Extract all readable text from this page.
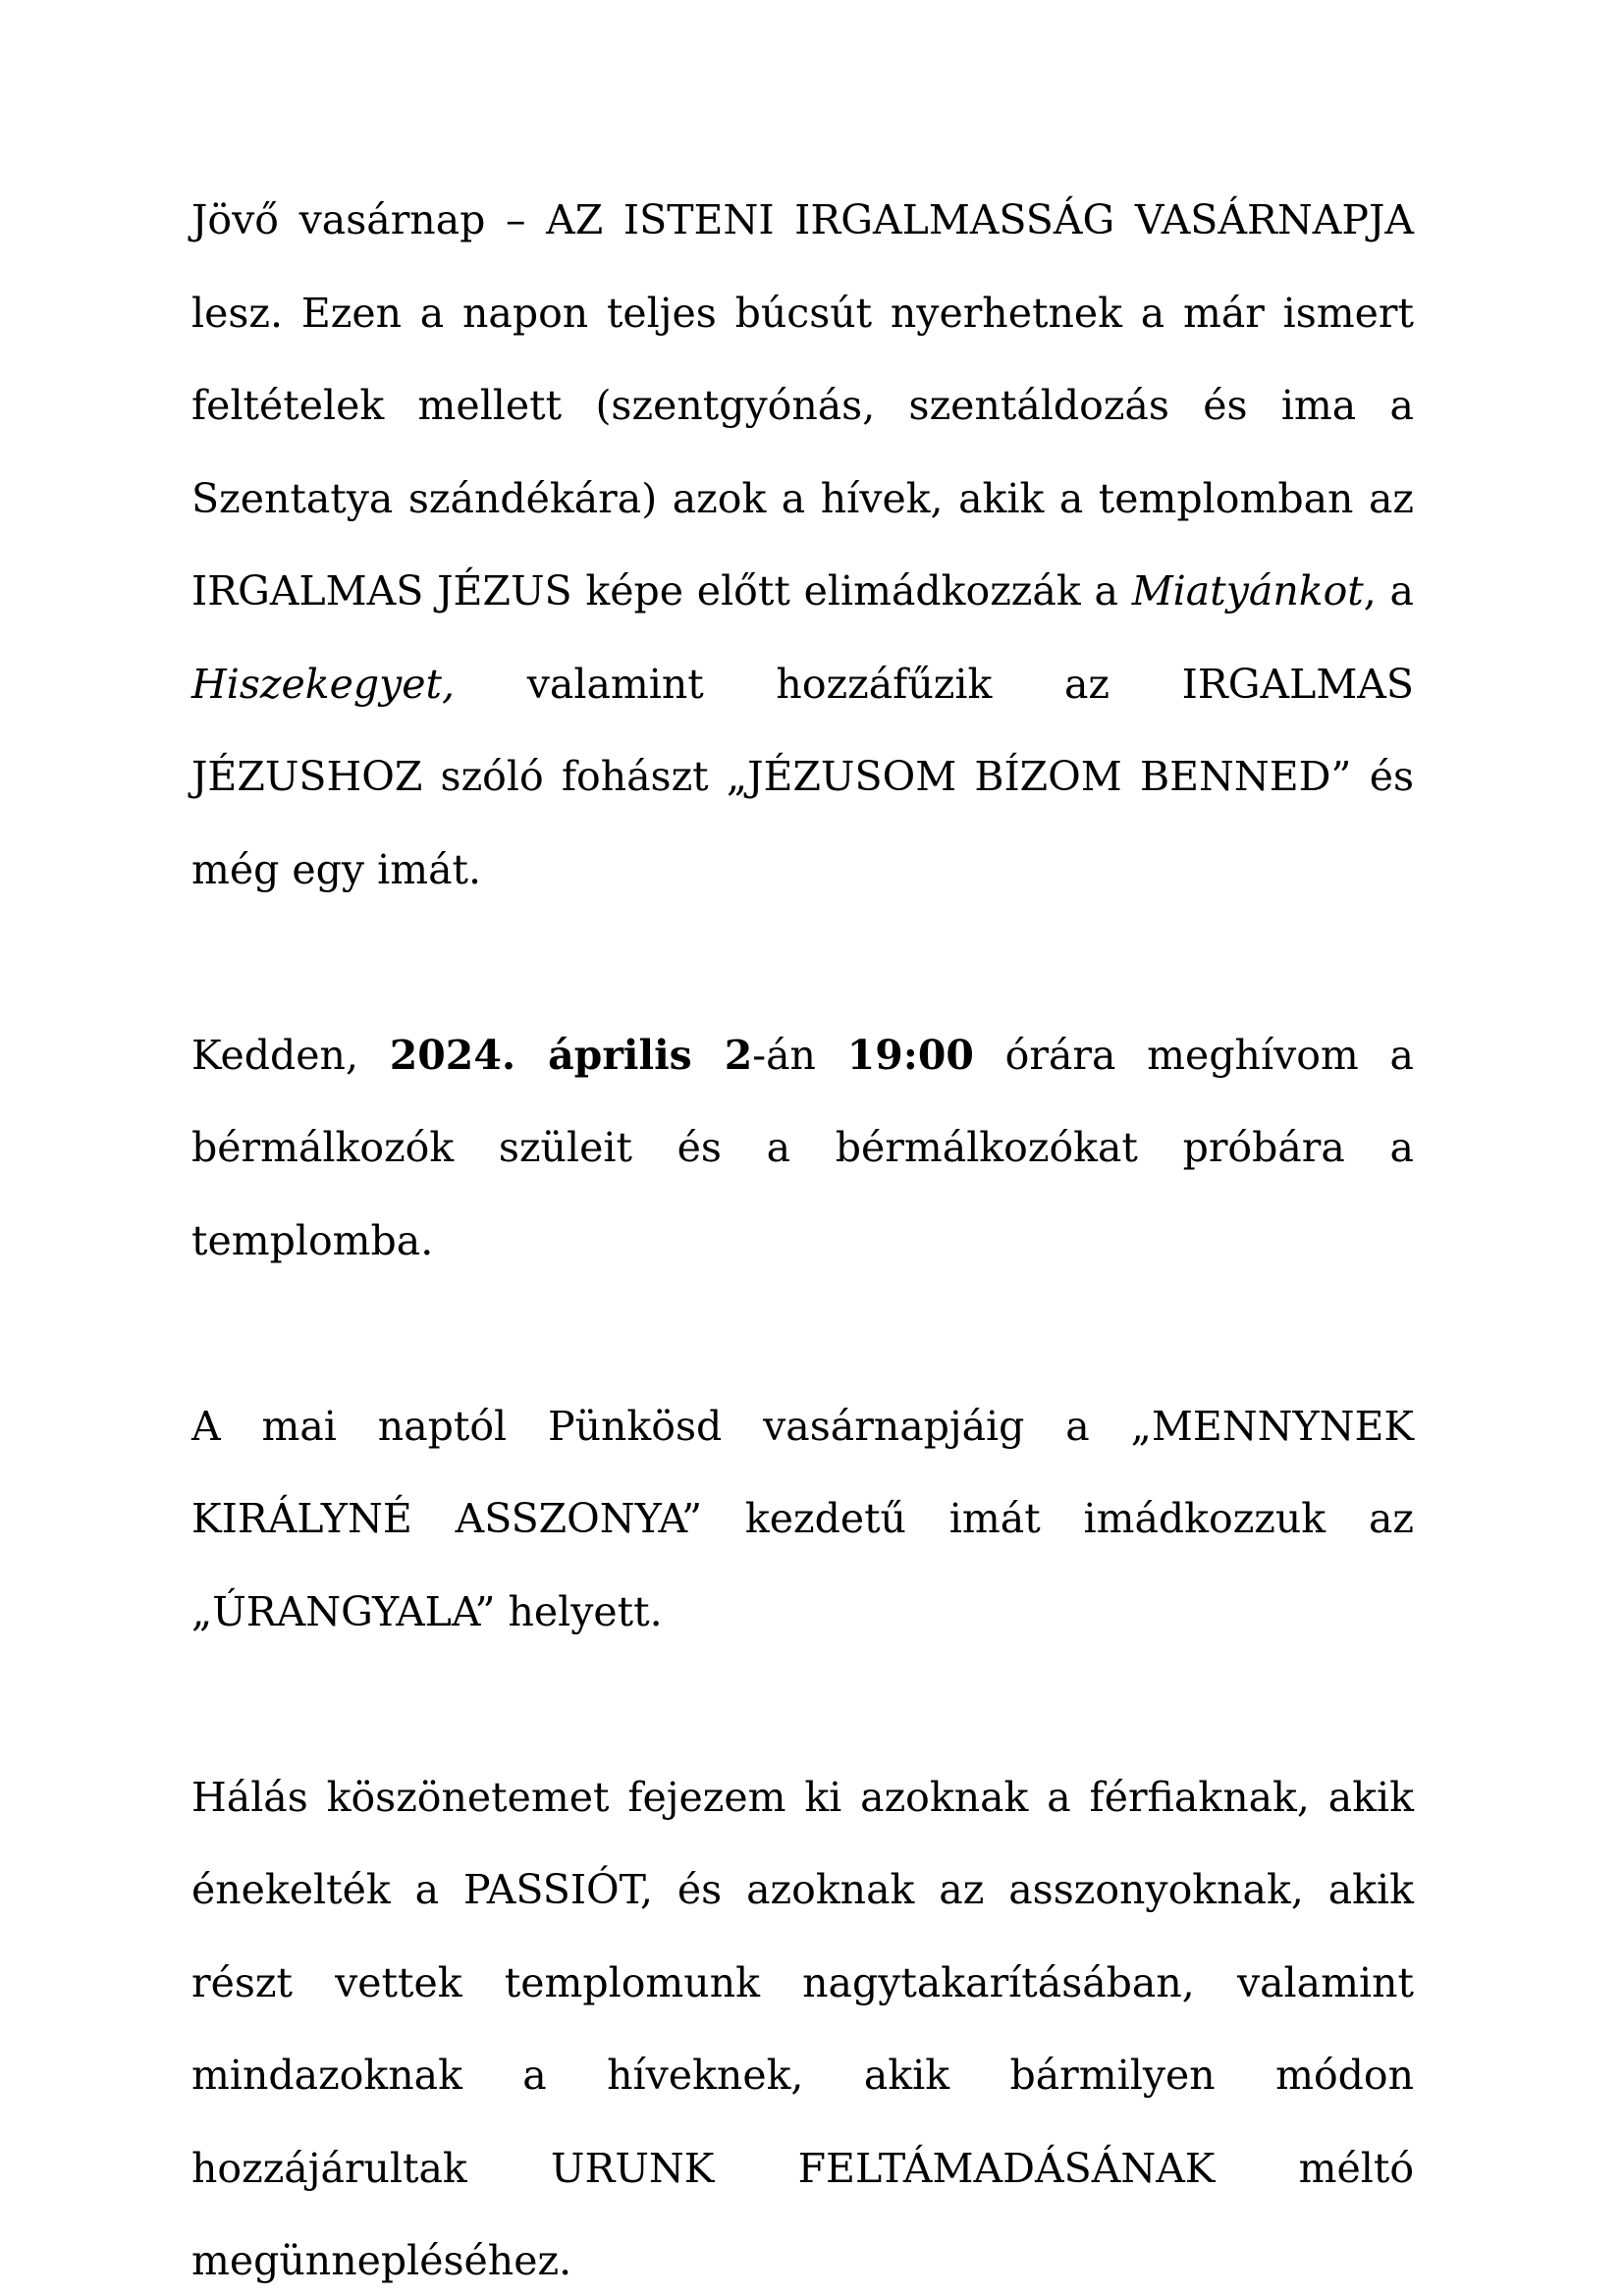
Jövő vasárnap – AZ ISTENI IRGALMASSÁG VASÁRNAPJA lesz. Ezen a napon teljes búcsút nyerhetnek a már ismert feltételek mellett (szentgyónás, szentáldozás és ima a Szentatya szándékára) azok a hívek, akik a templomban az IRGALMAS JÉZUS képe előtt elimádkozzák a Miatyánkot, a Hiszekegyet, valamint hozzáfűzik az IRGALMAS JÉZUSHOZ szóló fohászt „JÉZUSOM BÍZOM BENNED” és még egy imát.

Kedden, 2024. április 2-án 19:00 órára meghívom a bérmálkozók szüleit és a bérmálkozókat próbára a templomba.

A mai naptól Pünkösd vasárnapjáig a „MENNYNEK KIRÁLYNÉ ASSZONYA” kezdetű imát imádkozzuk az „ÚRANGYALA” helyett.

Hálás köszönetemet fejezem ki azoknak a férfiaknak, akik énekelték a PASSIÓT, és azoknak az asszonyoknak, akik részt vettek templomunk nagytakarításában, valamint mindazoknak a híveknek, akik bármilyen módon hozzájárultak URUNK FELTÁMADÁSÁNAK méltó megünnepléséhez.
